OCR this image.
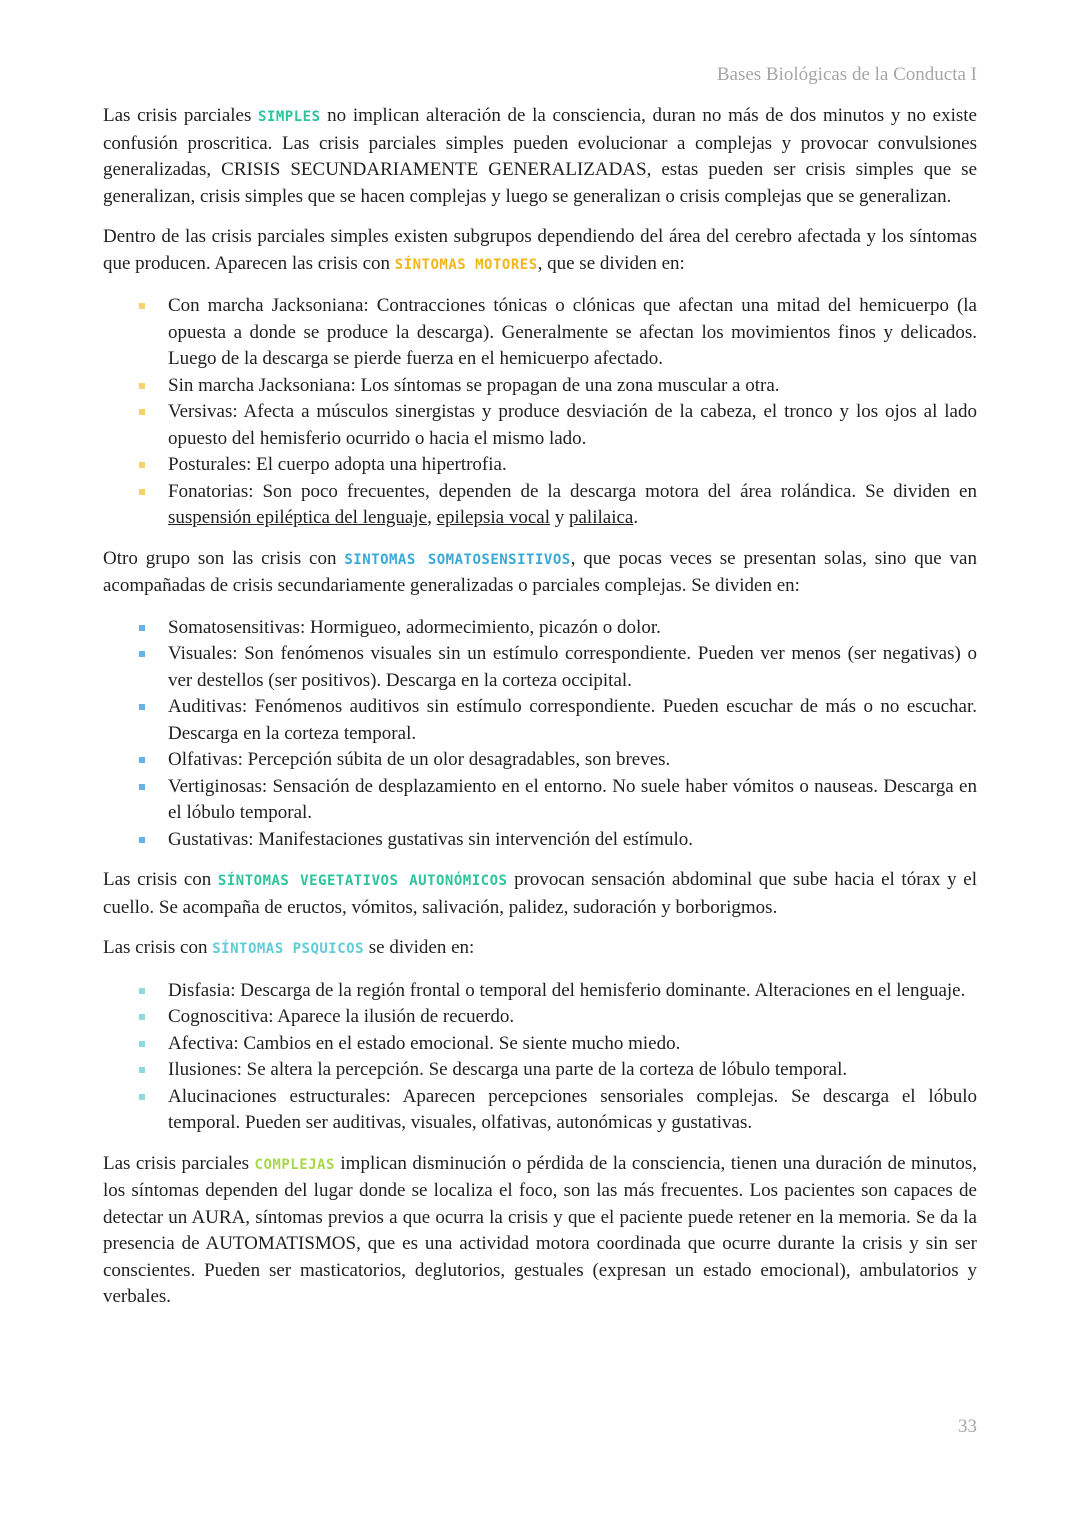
Bases Biológicas de la Conducta I

Las crisis parciales SIMPLES no implican alteración de la consciencia, duran no más de dos minutos y no existe confusión proscritica. Las crisis parciales simples pueden evolucionar a complejas y provocar convulsiones generalizadas, CRISIS SECUNDARIAMENTE GENERALIZADAS, estas pueden ser crisis simples que se generalizan, crisis simples que se hacen complejas y luego se generalizan o crisis complejas que se generalizan.

Dentro de las crisis parciales simples existen subgrupos dependiendo del área del cerebro afectada y los síntomas que producen. Aparecen las crisis con SÍNTOMAS MOTORES, que se dividen en:

Con marcha Jacksoniana: Contracciones tónicas o clónicas que afectan una mitad del hemicuerpo (la opuesta a donde se produce la descarga). Generalmente se afectan los movimientos finos y delicados. Luego de la descarga se pierde fuerza en el hemicuerpo afectado.
Sin marcha Jacksoniana: Los síntomas se propagan de una zona muscular a otra.
Versivas: Afecta a músculos sinergistas y produce desviación de la cabeza, el tronco y los ojos al lado opuesto del hemisferio ocurrido o hacia el mismo lado.
Posturales: El cuerpo adopta una hipertrofia.
Fonatorias: Son poco frecuentes, dependen de la descarga motora del área rolándica. Se dividen en suspensión epiléptica del lenguaje, epilepsia vocal y palilaica.

Otro grupo son las crisis con SINTOMAS SOMATOSENSITIVOS, que pocas veces se presentan solas, sino que van acompañadas de crisis secundariamente generalizadas o parciales complejas. Se dividen en:

Somatosensitivas: Hormigueo, adormecimiento, picazón o dolor.
Visuales: Son fenómenos visuales sin un estímulo correspondiente. Pueden ver menos (ser negativas) o ver destellos (ser positivos). Descarga en la corteza occipital.
Auditivas: Fenómenos auditivos sin estímulo correspondiente. Pueden escuchar de más o no escuchar. Descarga en la corteza temporal.
Olfativas: Percepción súbita de un olor desagradables, son breves.
Vertiginosas: Sensación de desplazamiento en el entorno. No suele haber vómitos o nauseas. Descarga en el lóbulo temporal.
Gustativas: Manifestaciones gustativas sin intervención del estímulo.

Las crisis con SÍNTOMAS VEGETATIVOS AUTONÓMICOS provocan sensación abdominal que sube hacia el tórax y el cuello. Se acompaña de eructos, vómitos, salivación, palidez, sudoración y borborigmos.

Las crisis con SÍNTOMAS PSQUICOS se dividen en:

Disfasia: Descarga de la región frontal o temporal del hemisferio dominante. Alteraciones en el lenguaje.
Cognoscitiva: Aparece la ilusión de recuerdo.
Afectiva: Cambios en el estado emocional. Se siente mucho miedo.
Ilusiones: Se altera la percepción. Se descarga una parte de la corteza de lóbulo temporal.
Alucinaciones estructurales: Aparecen percepciones sensoriales complejas. Se descarga el lóbulo temporal. Pueden ser auditivas, visuales, olfativas, autonómicas y gustativas.

Las crisis parciales COMPLEJAS implican disminución o pérdida de la consciencia, tienen una duración de minutos, los síntomas dependen del lugar donde se localiza el foco, son las más frecuentes. Los pacientes son capaces de detectar un AURA, síntomas previos a que ocurra la crisis y que el paciente puede retener en la memoria. Se da la presencia de AUTOMATISMOS, que es una actividad motora coordinada que ocurre durante la crisis y sin ser conscientes. Pueden ser masticatorios, deglutorios, gestuales (expresan un estado emocional), ambulatorios y verbales.

33
